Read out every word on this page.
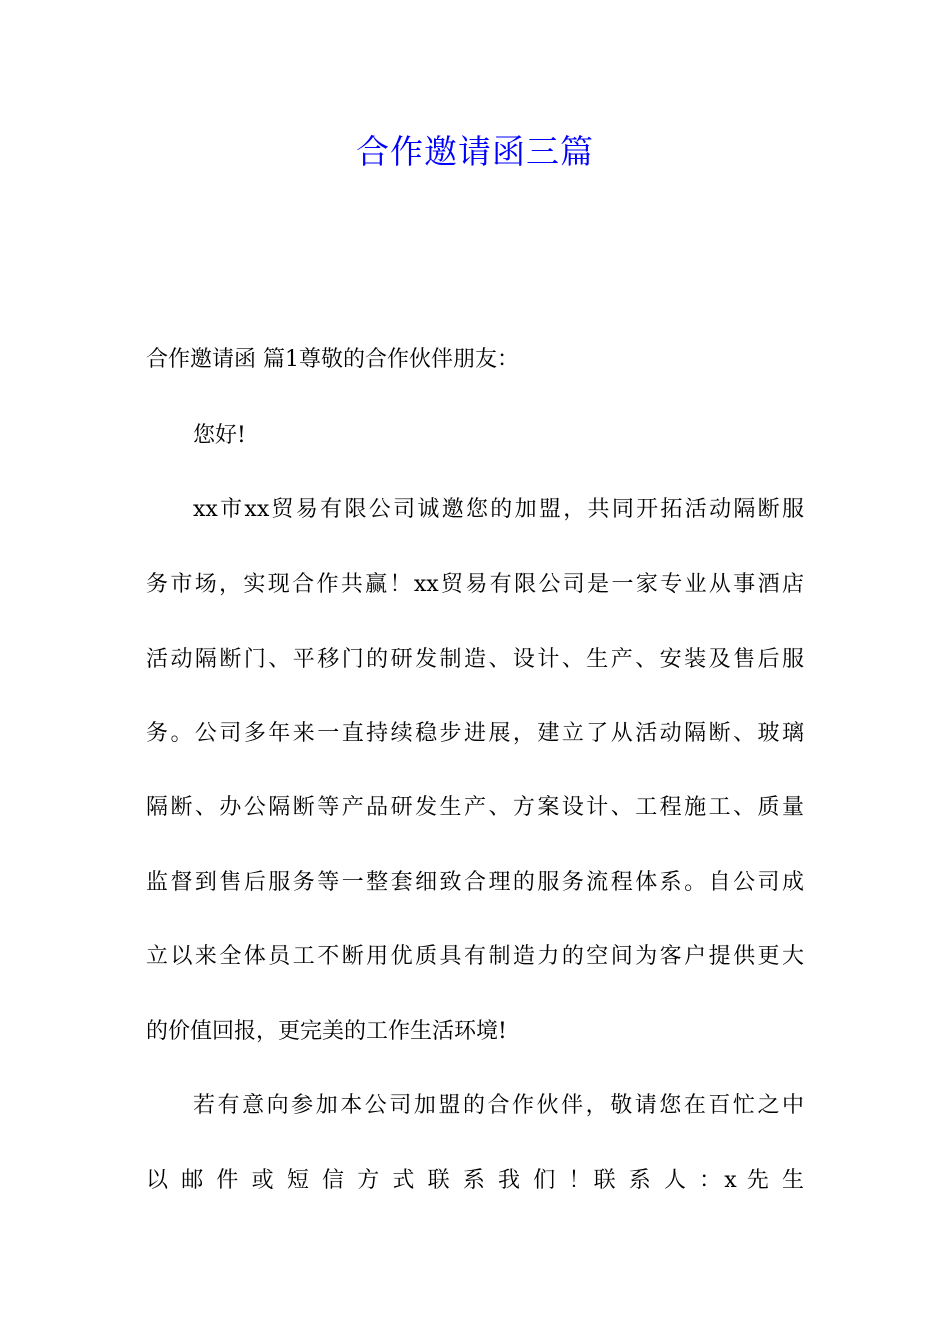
合作邀请函三篇
合作邀请函 篇1尊敬的合作伙伴朋友：
您好!
xx市xx贸易有限公司诚邀您的加盟，共同开拓活动隔断服
务市场，实现合作共赢！xx贸易有限公司是一家专业从事酒店
活动隔断门、平移门的研发制造、设计、生产、安装及售后服
务。公司多年来一直持续稳步进展，建立了从活动隔断、玻璃
隔断、办公隔断等产品研发生产、方案设计、工程施工、质量
监督到售后服务等一整套细致合理的服务流程体系。自公司成
立以来全体员工不断用优质具有制造力的空间为客户提供更大
的价值回报，更完美的工作生活环境!
若有意向参加本公司加盟的合作伙伴，敬请您在百忙之中
以 邮 件 或 短 信 方 式 联 系 我 们 ！联 系 人 ：x 先 生
